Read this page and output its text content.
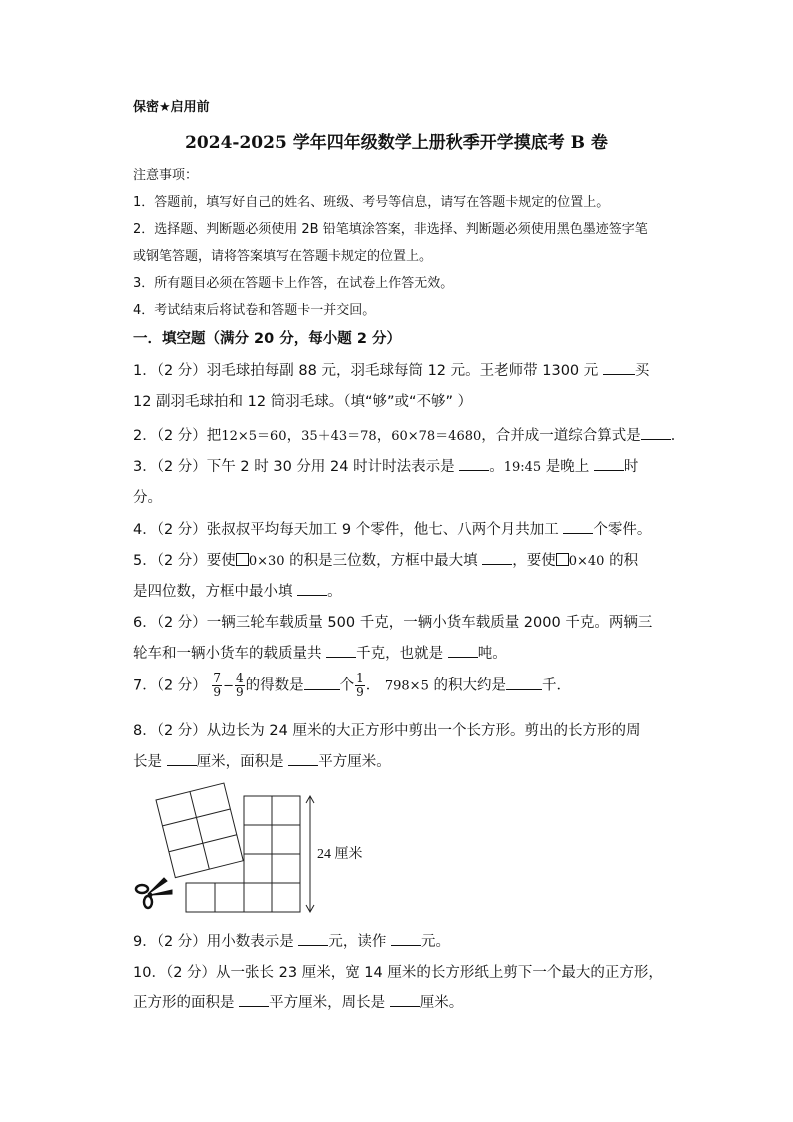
保密★启用前
2024-2025 学年四年级数学上册秋季开学摸底考 B 卷
注意事项：
1．答题前，填写好自己的姓名、班级、考号等信息，请写在答题卡规定的位置上。
2．选择题、判断题必须使用 2B 铅笔填涂答案，非选择、判断题必须使用黑色墨迹签字笔
或钢笔答题，请将答案填写在答题卡规定的位置上。
3．所有题目必须在答题卡上作答，在试卷上作答无效。
4．考试结束后将试卷和答题卡一并交回。
一．填空题（满分 20 分，每小题 2 分）
1．（2 分）羽毛球拍每副 88 元，羽毛球每筒 12 元。王老师带 1300 元 买
12 副羽毛球拍和 12 筒羽毛球。（填“够”或“不够” ）
2．（2 分）把12×5＝60，35＋43＝78，60×78＝4680，合并成一道综合算式是 ．
3．（2 分）下午 2 时 30 分用 24 时计时法表示是 。19:45 是晚上 时
分。
4．（2 分）张叔叔平均每天加工 9 个零件，他七、八两个月共加工 个零件。
5．（2 分）要使 0×30 的积是三位数，方框中最大填 ，要使 0×40 的积
是四位数，方框中最小填 。
6．（2 分）一辆三轮车载质量 500 千克，一辆小货车载质量 2000 千克。两辆三
轮车和一辆小货车的载质量共 千克，也就是 吨。
7．（2 分） $\frac{7}{9} - \frac{4}{9}$ 的得数是 个 $\frac{1}{9}$ ． 798×5 的积大约是 千．
8．（2 分）从边长为 24 厘米的大正方形中剪出一个长方形。剪出的长方形的周
长是 厘米，面积是 平方厘米。
24 厘米
9．（2 分）用小数表示是 元，读作 元。
10．（2 分）从一张长 23 厘米，宽 14 厘米的长方形纸上剪下一个最大的正方形，
正方形的面积是 平方厘米，周长是 厘米。
